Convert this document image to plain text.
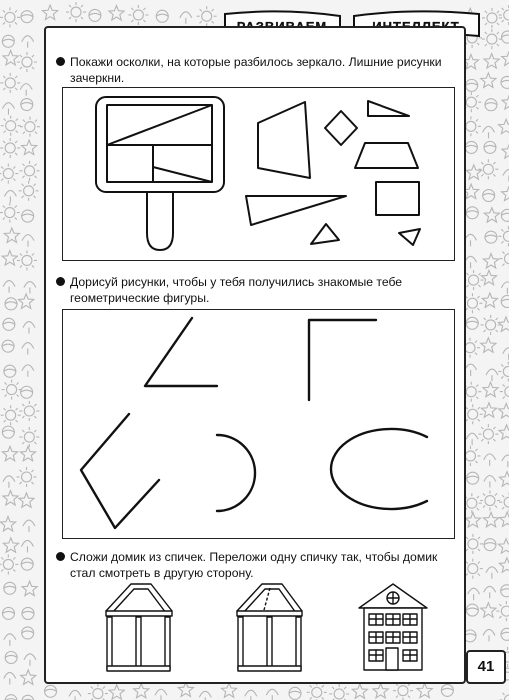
Покажи осколки, на которые разбилось зеркало. Лишние рисунки зачеркни.
Дорисуй рисунки, чтобы у тебя получились знакомые тебе геометрические фигуры.
Сложи домик из спичек. Переложи одну спичку так, чтобы домик стал смотреть в другую сторону.
41
